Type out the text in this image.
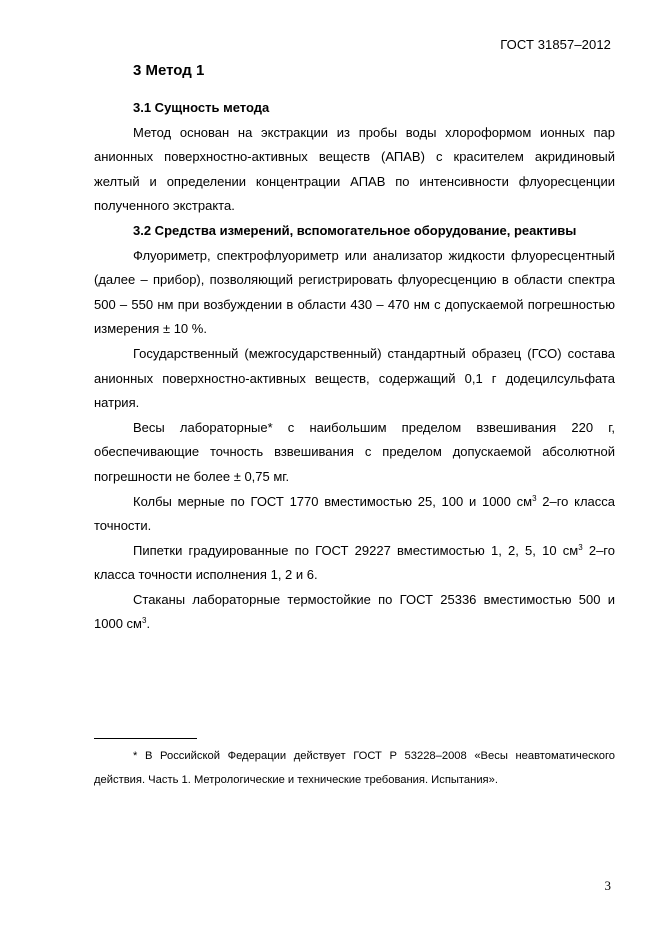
ГОСТ 31857–2012
3 Метод 1
3.1 Сущность метода

Метод основан на экстракции из пробы воды хлороформом ионных пар анионных поверхностно-активных веществ (АПАВ) с красителем акридиновый желтый и определении концентрации АПАВ по интенсивности флуоресценции полученного экстракта.

3.2 Средства измерений, вспомогательное оборудование, реактивы

Флуориметр, спектрофлуориметр или анализатор жидкости флуоресцентный (далее – прибор), позволяющий регистрировать флуоресценцию в области спектра 500 – 550 нм при возбуждении в области 430 – 470 нм с допускаемой погрешностью измерения ± 10 %.

Государственный (межгосударственный) стандартный образец (ГСО) состава анионных поверхностно-активных веществ, содержащий 0,1 г додецилсульфата натрия.

Весы лабораторные* с наибольшим пределом взвешивания 220 г, обеспечивающие точность взвешивания с пределом допускаемой абсолютной погрешности не более ± 0,75 мг.

Колбы мерные по ГОСТ 1770 вместимостью 25, 100 и 1000 $см^3$ 2–го класса точности.

Пипетки градуированные по ГОСТ 29227 вместимостью 1, 2, 5, 10 $см^3$ 2–го класса точности исполнения 1, 2 и 6.

Стаканы лабораторные термостойкие по ГОСТ 25336 вместимостью 500 и 1000 $см^3$.

* В Российской Федерации действует ГОСТ Р 53228–2008 «Весы неавтоматического действия. Часть 1. Метрологические и технические требования. Испытания».

3
